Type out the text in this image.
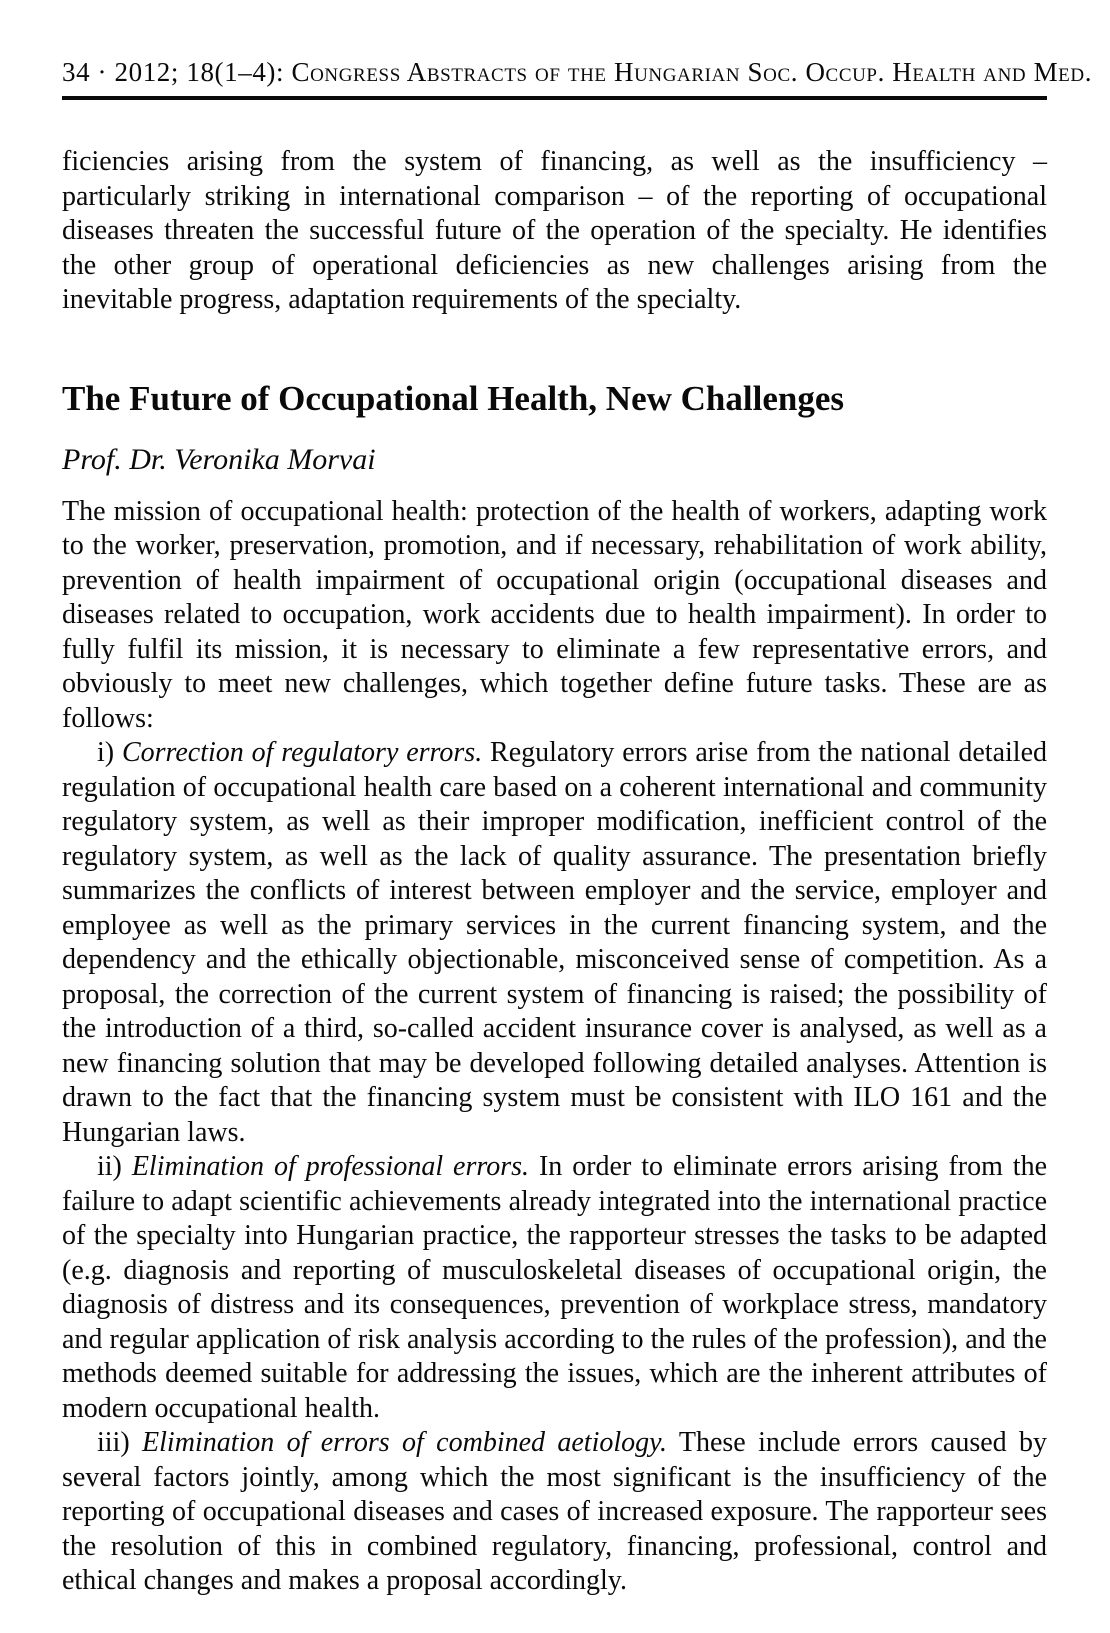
34 · 2012; 18(1–4): Congress Abstracts of the Hungarian Soc. Occup. Health and Med.

ficiencies arising from the system of financing, as well as the insufficiency – particularly striking in international comparison – of the reporting of occupational diseases threaten the successful future of the operation of the specialty. He identifies the other group of operational deficiencies as new challenges arising from the inevitable progress, adaptation requirements of the specialty.

The Future of Occupational Health, New Challenges

Prof. Dr. Veronika Morvai

The mission of occupational health: protection of the health of workers, adapting work to the worker, preservation, promotion, and if necessary, rehabilitation of work ability, prevention of health impairment of occupational origin (occupational diseases and diseases related to occupation, work accidents due to health impairment). In order to fully fulfil its mission, it is necessary to eliminate a few representative errors, and obviously to meet new challenges, which together define future tasks. These are as follows:

i) Correction of regulatory errors. Regulatory errors arise from the national detailed regulation of occupational health care based on a coherent international and community regulatory system, as well as their improper modification, inefficient control of the regulatory system, as well as the lack of quality assurance. The presentation briefly summarizes the conflicts of interest between employer and the service, employer and employee as well as the primary services in the current financing system, and the dependency and the ethically objectionable, misconceived sense of competition. As a proposal, the correction of the current system of financing is raised; the possibility of the introduction of a third, so-called accident insurance cover is analysed, as well as a new financing solution that may be developed following detailed analyses. Attention is drawn to the fact that the financing system must be consistent with ILO 161 and the Hungarian laws.

ii) Elimination of professional errors. In order to eliminate errors arising from the failure to adapt scientific achievements already integrated into the international practice of the specialty into Hungarian practice, the rapporteur stresses the tasks to be adapted (e.g. diagnosis and reporting of musculoskeletal diseases of occupational origin, the diagnosis of distress and its consequences, prevention of workplace stress, mandatory and regular application of risk analysis according to the rules of the profession), and the methods deemed suitable for addressing the issues, which are the inherent attributes of modern occupational health.

iii) Elimination of errors of combined aetiology. These include errors caused by several factors jointly, among which the most significant is the insufficiency of the reporting of occupational diseases and cases of increased exposure. The rapporteur sees the resolution of this in combined regulatory, financing, professional, control and ethical changes and makes a proposal accordingly.
